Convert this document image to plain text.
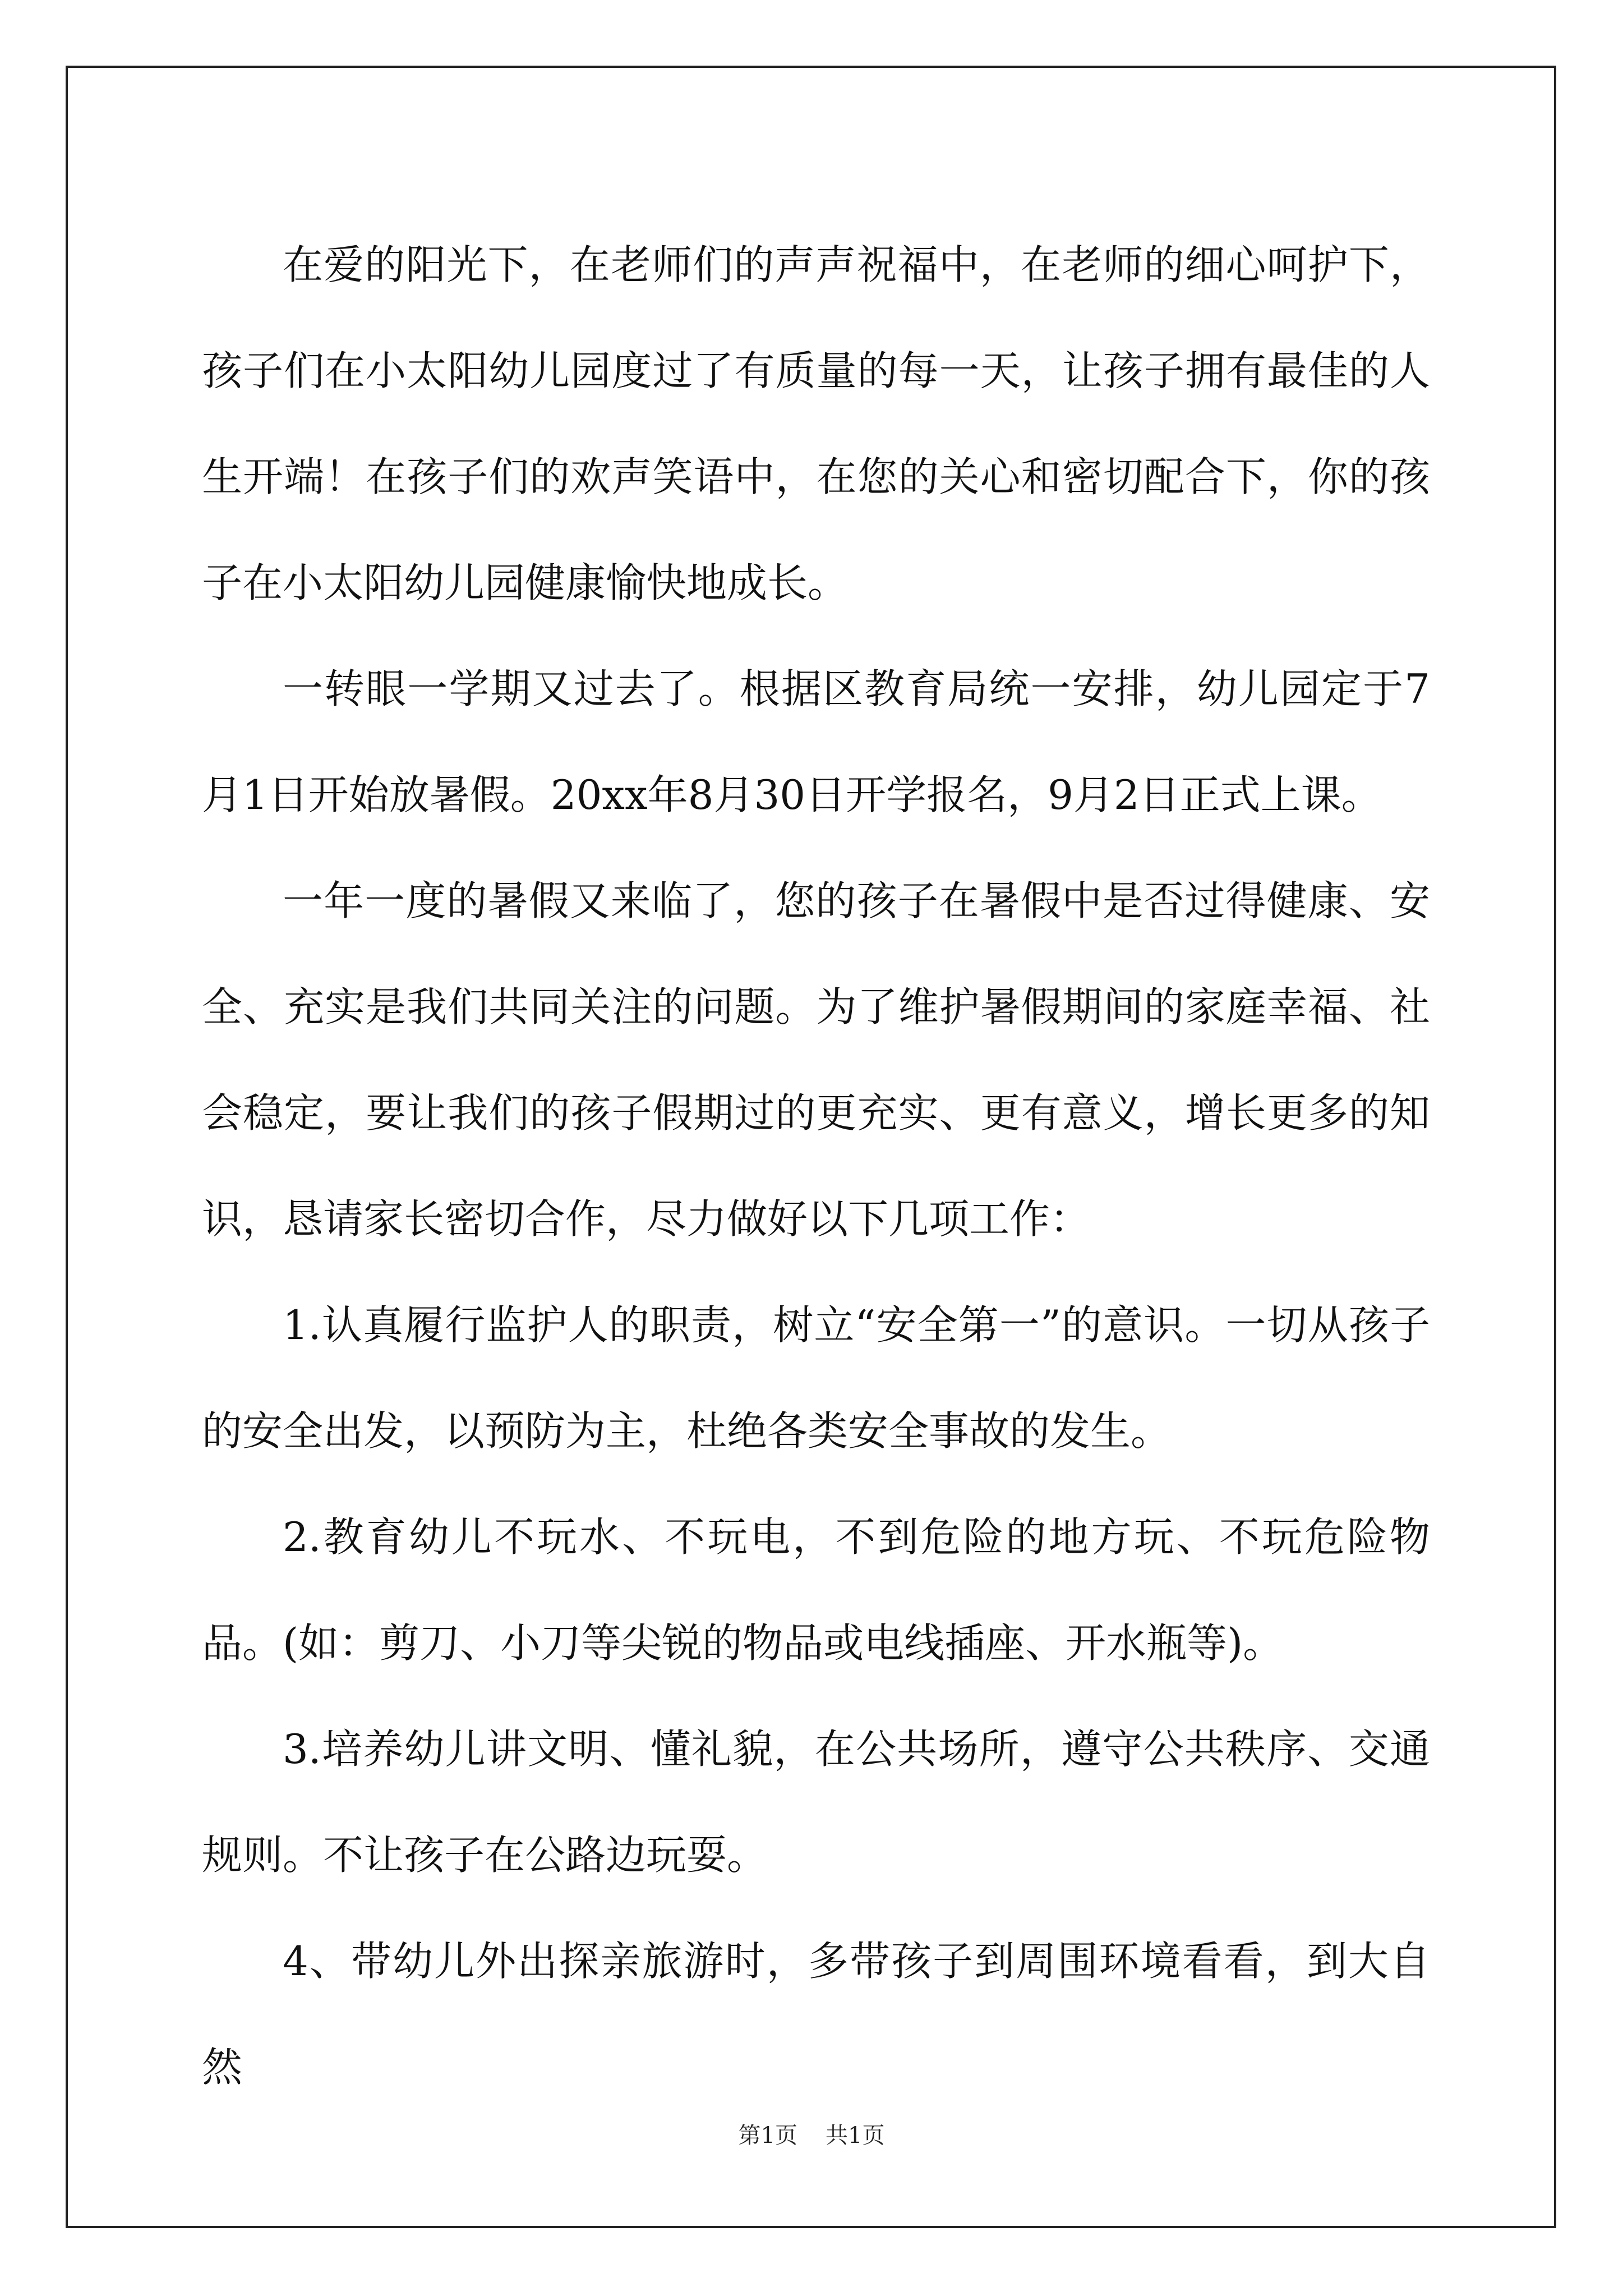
在爱的阳光下，在老师们的声声祝福中，在老师的细心呵护下，孩子们在小太阳幼儿园度过了有质量的每一天，让孩子拥有最佳的人生开端！在孩子们的欢声笑语中，在您的关心和密切配合下，你的孩子在小太阳幼儿园健康愉快地成长。

一转眼一学期又过去了。根据区教育局统一安排，幼儿园定于7月1日开始放暑假。20xx年8月30日开学报名，9月2日正式上课。

一年一度的暑假又来临了，您的孩子在暑假中是否过得健康、安全、充实是我们共同关注的问题。为了维护暑假期间的家庭幸福、社会稳定，要让我们的孩子假期过的更充实、更有意义，增长更多的知识，恳请家长密切合作，尽力做好以下几项工作：

1.认真履行监护人的职责，树立“安全第一”的意识。一切从孩子的安全出发，以预防为主，杜绝各类安全事故的发生。

2.教育幼儿不玩水、不玩电，不到危险的地方玩、不玩危险物品。(如：剪刀、小刀等尖锐的物品或电线插座、开水瓶等)。

3.培养幼儿讲文明、懂礼貌，在公共场所，遵守公共秩序、交通规则。不让孩子在公路边玩耍。

4、带幼儿外出探亲旅游时，多带孩子到周围环境看看，到大自然

第1页 共1页
